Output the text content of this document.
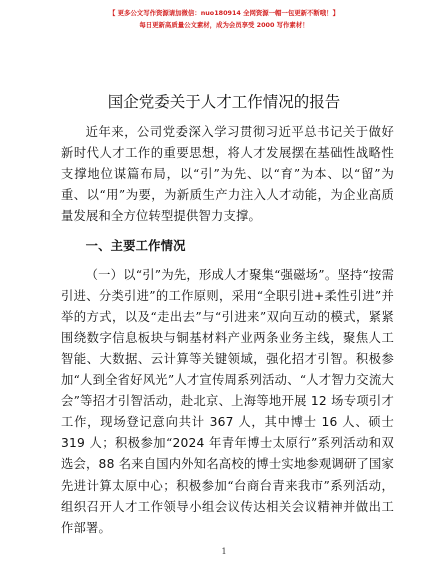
【 更多公文写作资源请加微信：nuo180914 全网资源一帽一包更新不断哦！】
每日更新高质量公文素材，成为会员享受 2000 写作素材！
国企党委关于人才工作情况的报告

近年来，公司党委深入学习贯彻习近平总书记关于做好新时代人才工作的重要思想，将人才发展摆在基础性战略性支撑地位谋篇布局，以“引”为先、以“育”为本、以“留”为重、以“用”为要，为新质生产力注入人才动能，为企业高质量发展和全方位转型提供智力支撑。

一、主要工作情况

（一）以“引”为先，形成人才聚集“强磁场”。坚持“按需引进、分类引进”的工作原则，采用“全职引进+柔性引进”并举的方式，以及“走出去”与“引进来”双向互动的模式，紧紧围绕数字信息板块与铜基材料产业两条业务主线，聚焦人工智能、大数据、云计算等关键领域，强化招才引智。积极参加“人到全省好风光”人才宣传周系列活动、“人才智力交流大会”等招才引智活动，赴北京、上海等地开展 12 场专项引才工作，现场登记意向共计 367 人，其中博士 16 人、硕士 319 人；积极参加“2024 年青年博士太原行”系列活动和双选会，88 名来自国内外知名高校的博士实地参观调研了国家先进计算太原中心；积极参加“台商台青来我市”系列活动，组织召开人才工作领导小组会议传达相关会议精神并做出工作部署。

1
